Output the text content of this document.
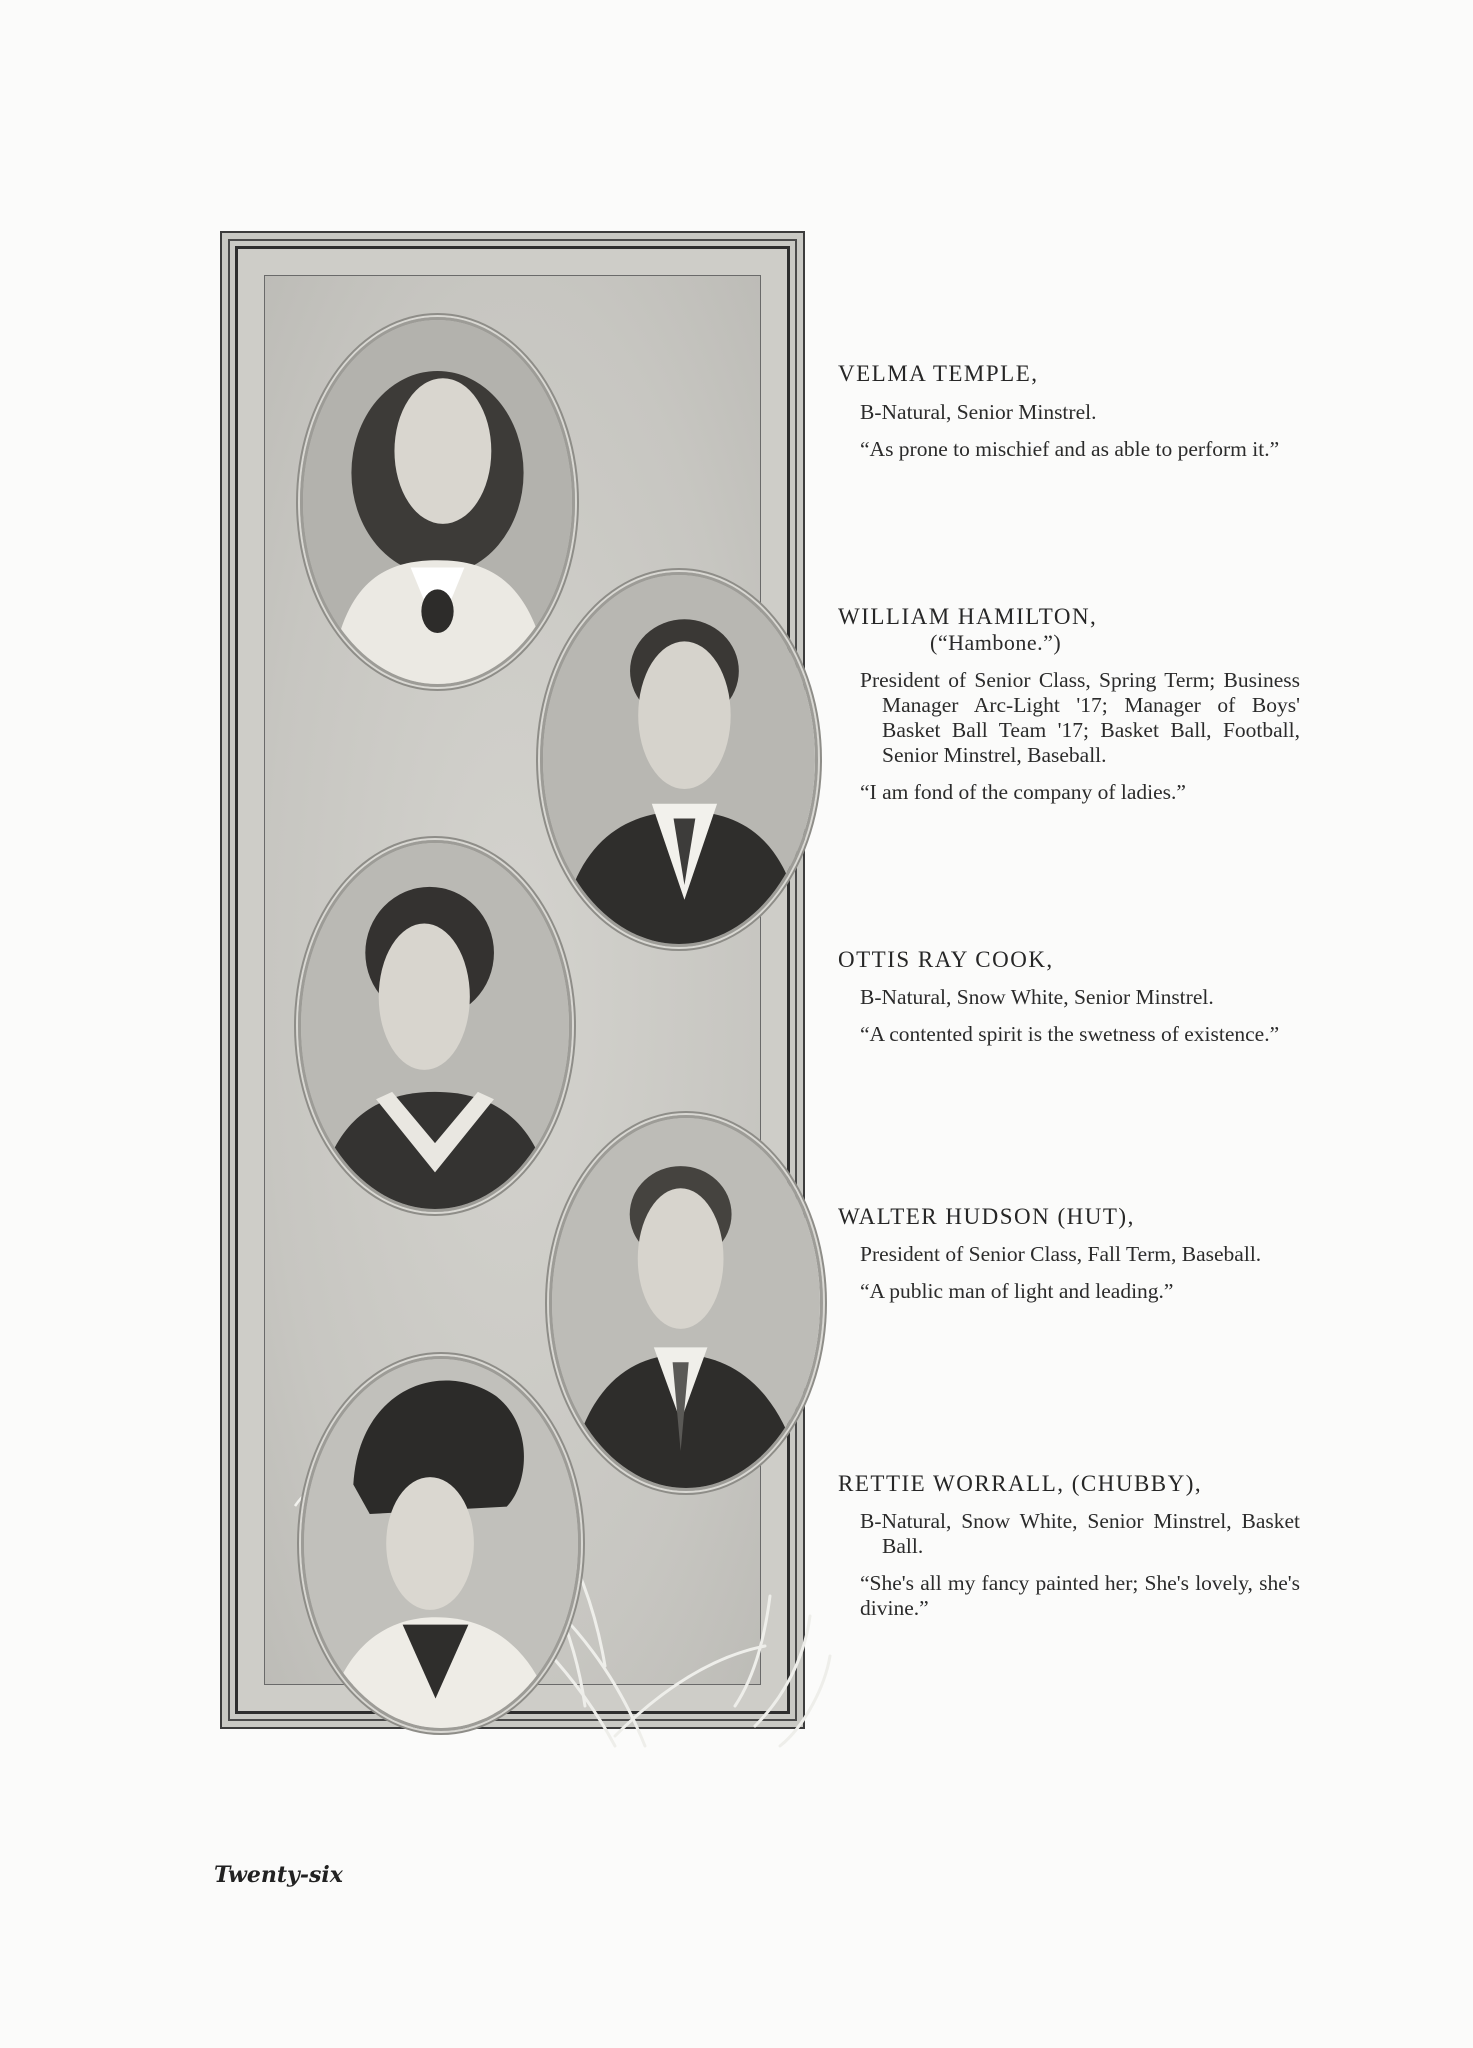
VELMA TEMPLE,
B-Natural, Senior Minstrel.
“As prone to mischief and as able to perform it.”
WILLIAM HAMILTON,
(“Hambone.”)
President of Senior Class, Spring Term; Business Manager Arc-Light '17; Manager of Boys' Basket Ball Team '17; Basket Ball, Football, Senior Minstrel, Baseball.
“I am fond of the company of ladies.”
OTTIS RAY COOK,
B-Natural, Snow White, Senior Minstrel.
“A contented spirit is the swetness of existence.”
WALTER HUDSON (HUT),
President of Senior Class, Fall Term, Baseball.
“A public man of light and leading.”
RETTIE WORRALL, (CHUBBY),
B-Natural, Snow White, Senior Minstrel, Basket Ball.
“She's all my fancy painted her; She's lovely, she's divine.”
Twenty-six
